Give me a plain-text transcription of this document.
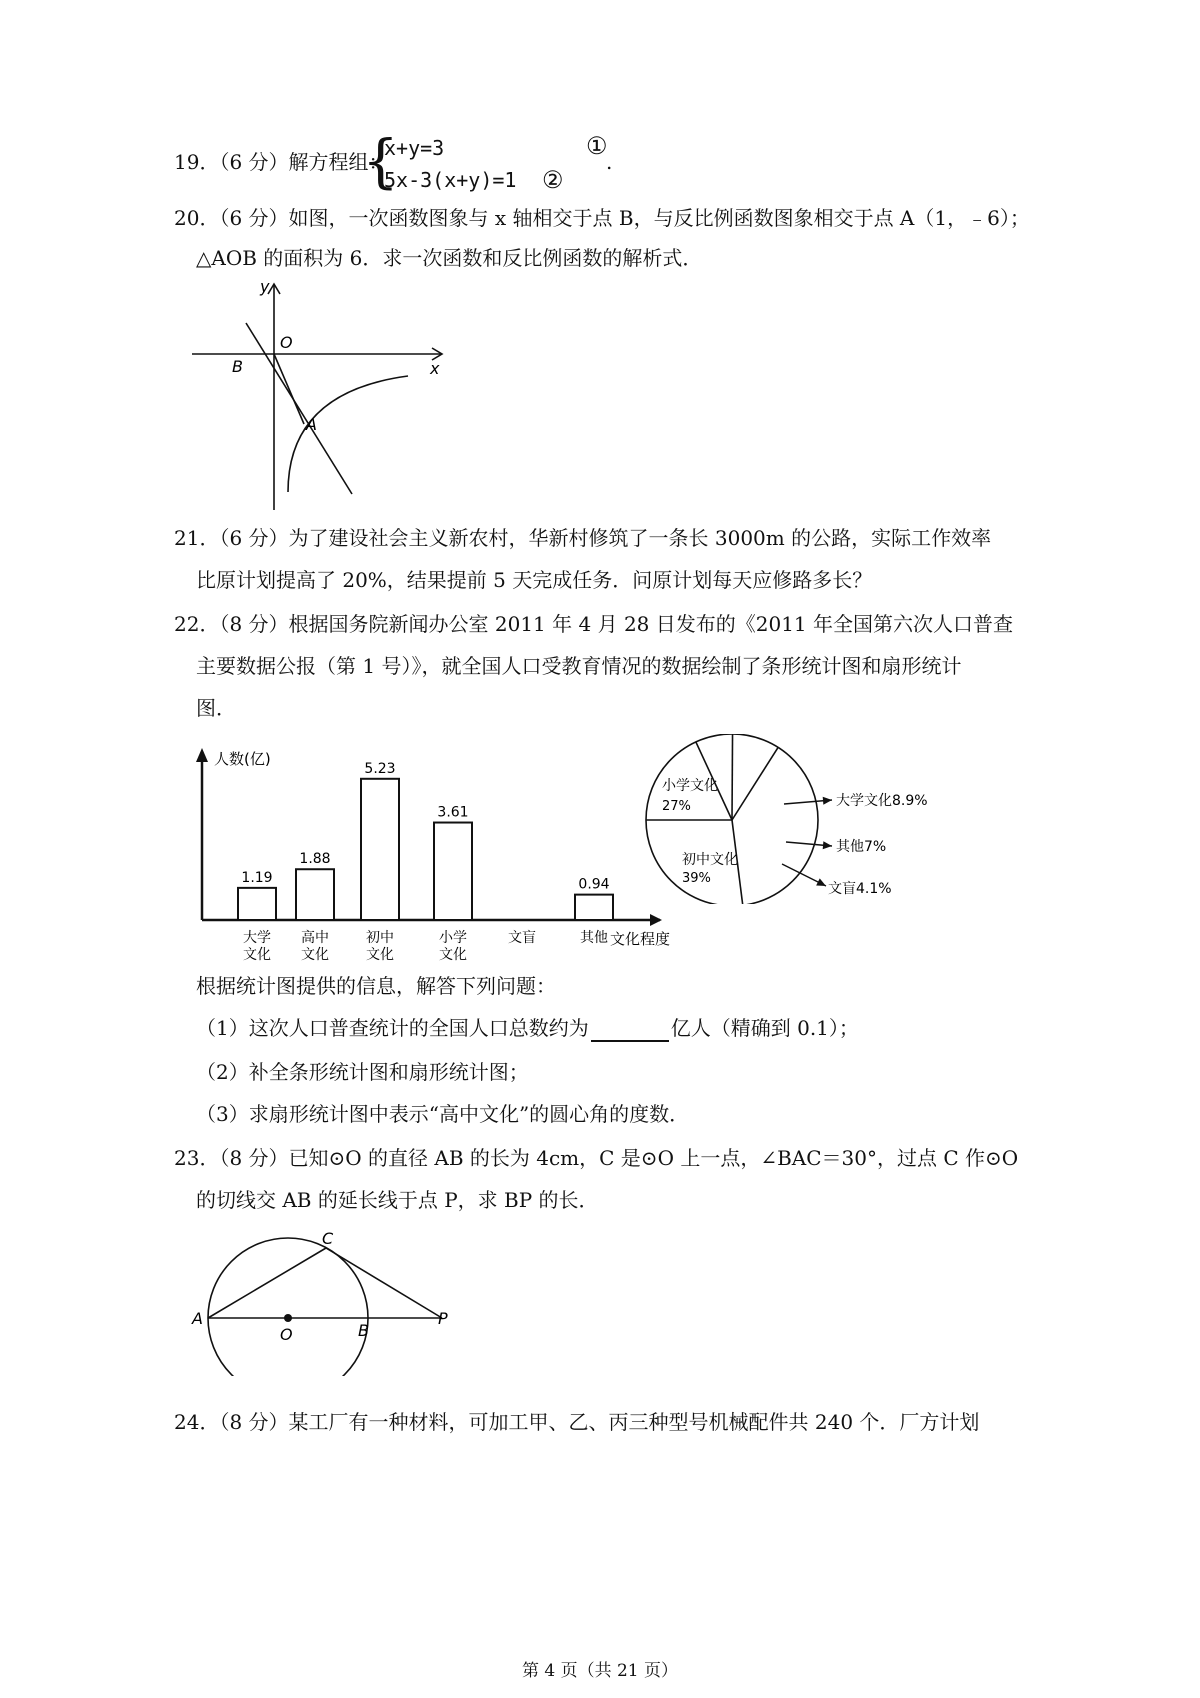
19．（6 分）解方程组：
{
x+y=3
5x-3(x+y)=1
①
②
.
20．（6 分）如图，一次函数图象与 x 轴相交于点 B，与反比例函数图象相交于点 A（1，﹣6）；
△AOB 的面积为 6．求一次函数和反比例函数的解析式．
y
x
O
B
A
21．（6 分）为了建设社会主义新农村，华新村修筑了一条长 3000m 的公路，实际工作效率
比原计划提高了 20%，结果提前 5 天完成任务．问原计划每天应修路多长？
22．（8 分）根据国务院新闻办公室 2011 年 4 月 28 日发布的《2011 年全国第六次人口普查
主要数据公报（第 1 号）》，就全国人口受教育情况的数据绘制了条形统计图和扇形统计
图．
人数(亿)
文化程度
1.19
大学
文化
1.88
高中
文化
5.23
初中
文化
3.61
小学
文化
文盲
0.94
其他
小学文化
27%
初中文化
39%
大学文化8.9%
其他7%
文盲4.1%
根据统计图提供的信息，解答下列问题：
（1）这次人口普查统计的全国人口总数约为	亿人（精确到 0.1）；
（2）补全条形统计图和扇形统计图；
（3）求扇形统计图中表示“高中文化”的圆心角的度数．
23．（8 分）已知⊙O 的直径 AB 的长为 4cm，C 是⊙O 上一点，∠BAC＝30°，过点 C 作⊙O
的切线交 AB 的延长线于点 P，求 BP 的长．
A
O	B
C
P
24．（8 分）某工厂有一种材料，可加工甲、乙、丙三种型号机械配件共 240 个．厂方计划
第 4 页（共 21 页）
